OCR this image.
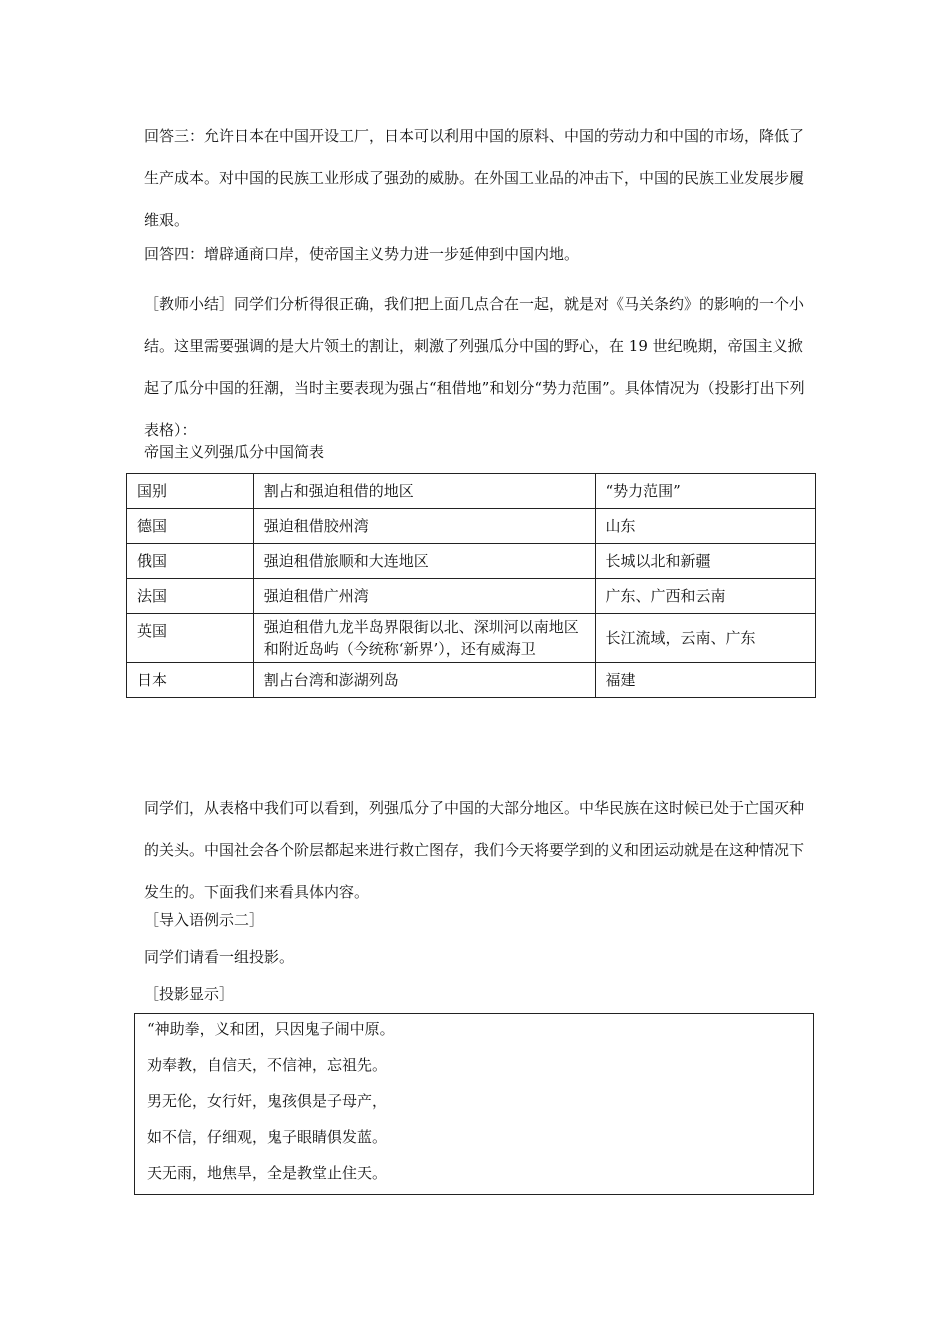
回答三：允许日本在中国开设工厂，日本可以利用中国的原料、中国的劳动力和中国的市场，降低了生产成本。对中国的民族工业形成了强劲的威胁。在外国工业品的冲击下，中国的民族工业发展步履维艰。

回答四：增辟通商口岸，使帝国主义势力进一步延伸到中国内地。

［教师小结］同学们分析得很正确，我们把上面几点合在一起，就是对《马关条约》的影响的一个小结。这里需要强调的是大片领土的割让，刺激了列强瓜分中国的野心，在 19 世纪晚期，帝国主义掀起了瓜分中国的狂潮，当时主要表现为强占“租借地”和划分“势力范围”。具体情况为（投影打出下列表格）：

帝国主义列强瓜分中国简表
国别	割占和强迫租借的地区	“势力范围”
德国	强迫租借胶州湾	山东
俄国	强迫租借旅顺和大连地区	长城以北和新疆
法国	强迫租借广州湾	广东、广西和云南
英国	强迫租借九龙半岛界限街以北、深圳河以南地区和附近岛屿（今统称‘新界’），还有威海卫	长江流域，云南、广东
日本	割占台湾和澎湖列岛	福建

同学们，从表格中我们可以看到，列强瓜分了中国的大部分地区。中华民族在这时候已处于亡国灭种的关头。中国社会各个阶层都起来进行救亡图存，我们今天将要学到的义和团运动就是在这种情况下发生的。下面我们来看具体内容。

［导入语例示二］
同学们请看一组投影。
［投影显示］
“神助拳，义和团，只因鬼子闹中原。
劝奉教，自信天，不信神，忘祖先。
男无伦，女行奸，鬼孩俱是子母产，
如不信，仔细观，鬼子眼睛俱发蓝。
天无雨，地焦旱，全是教堂止住天。
